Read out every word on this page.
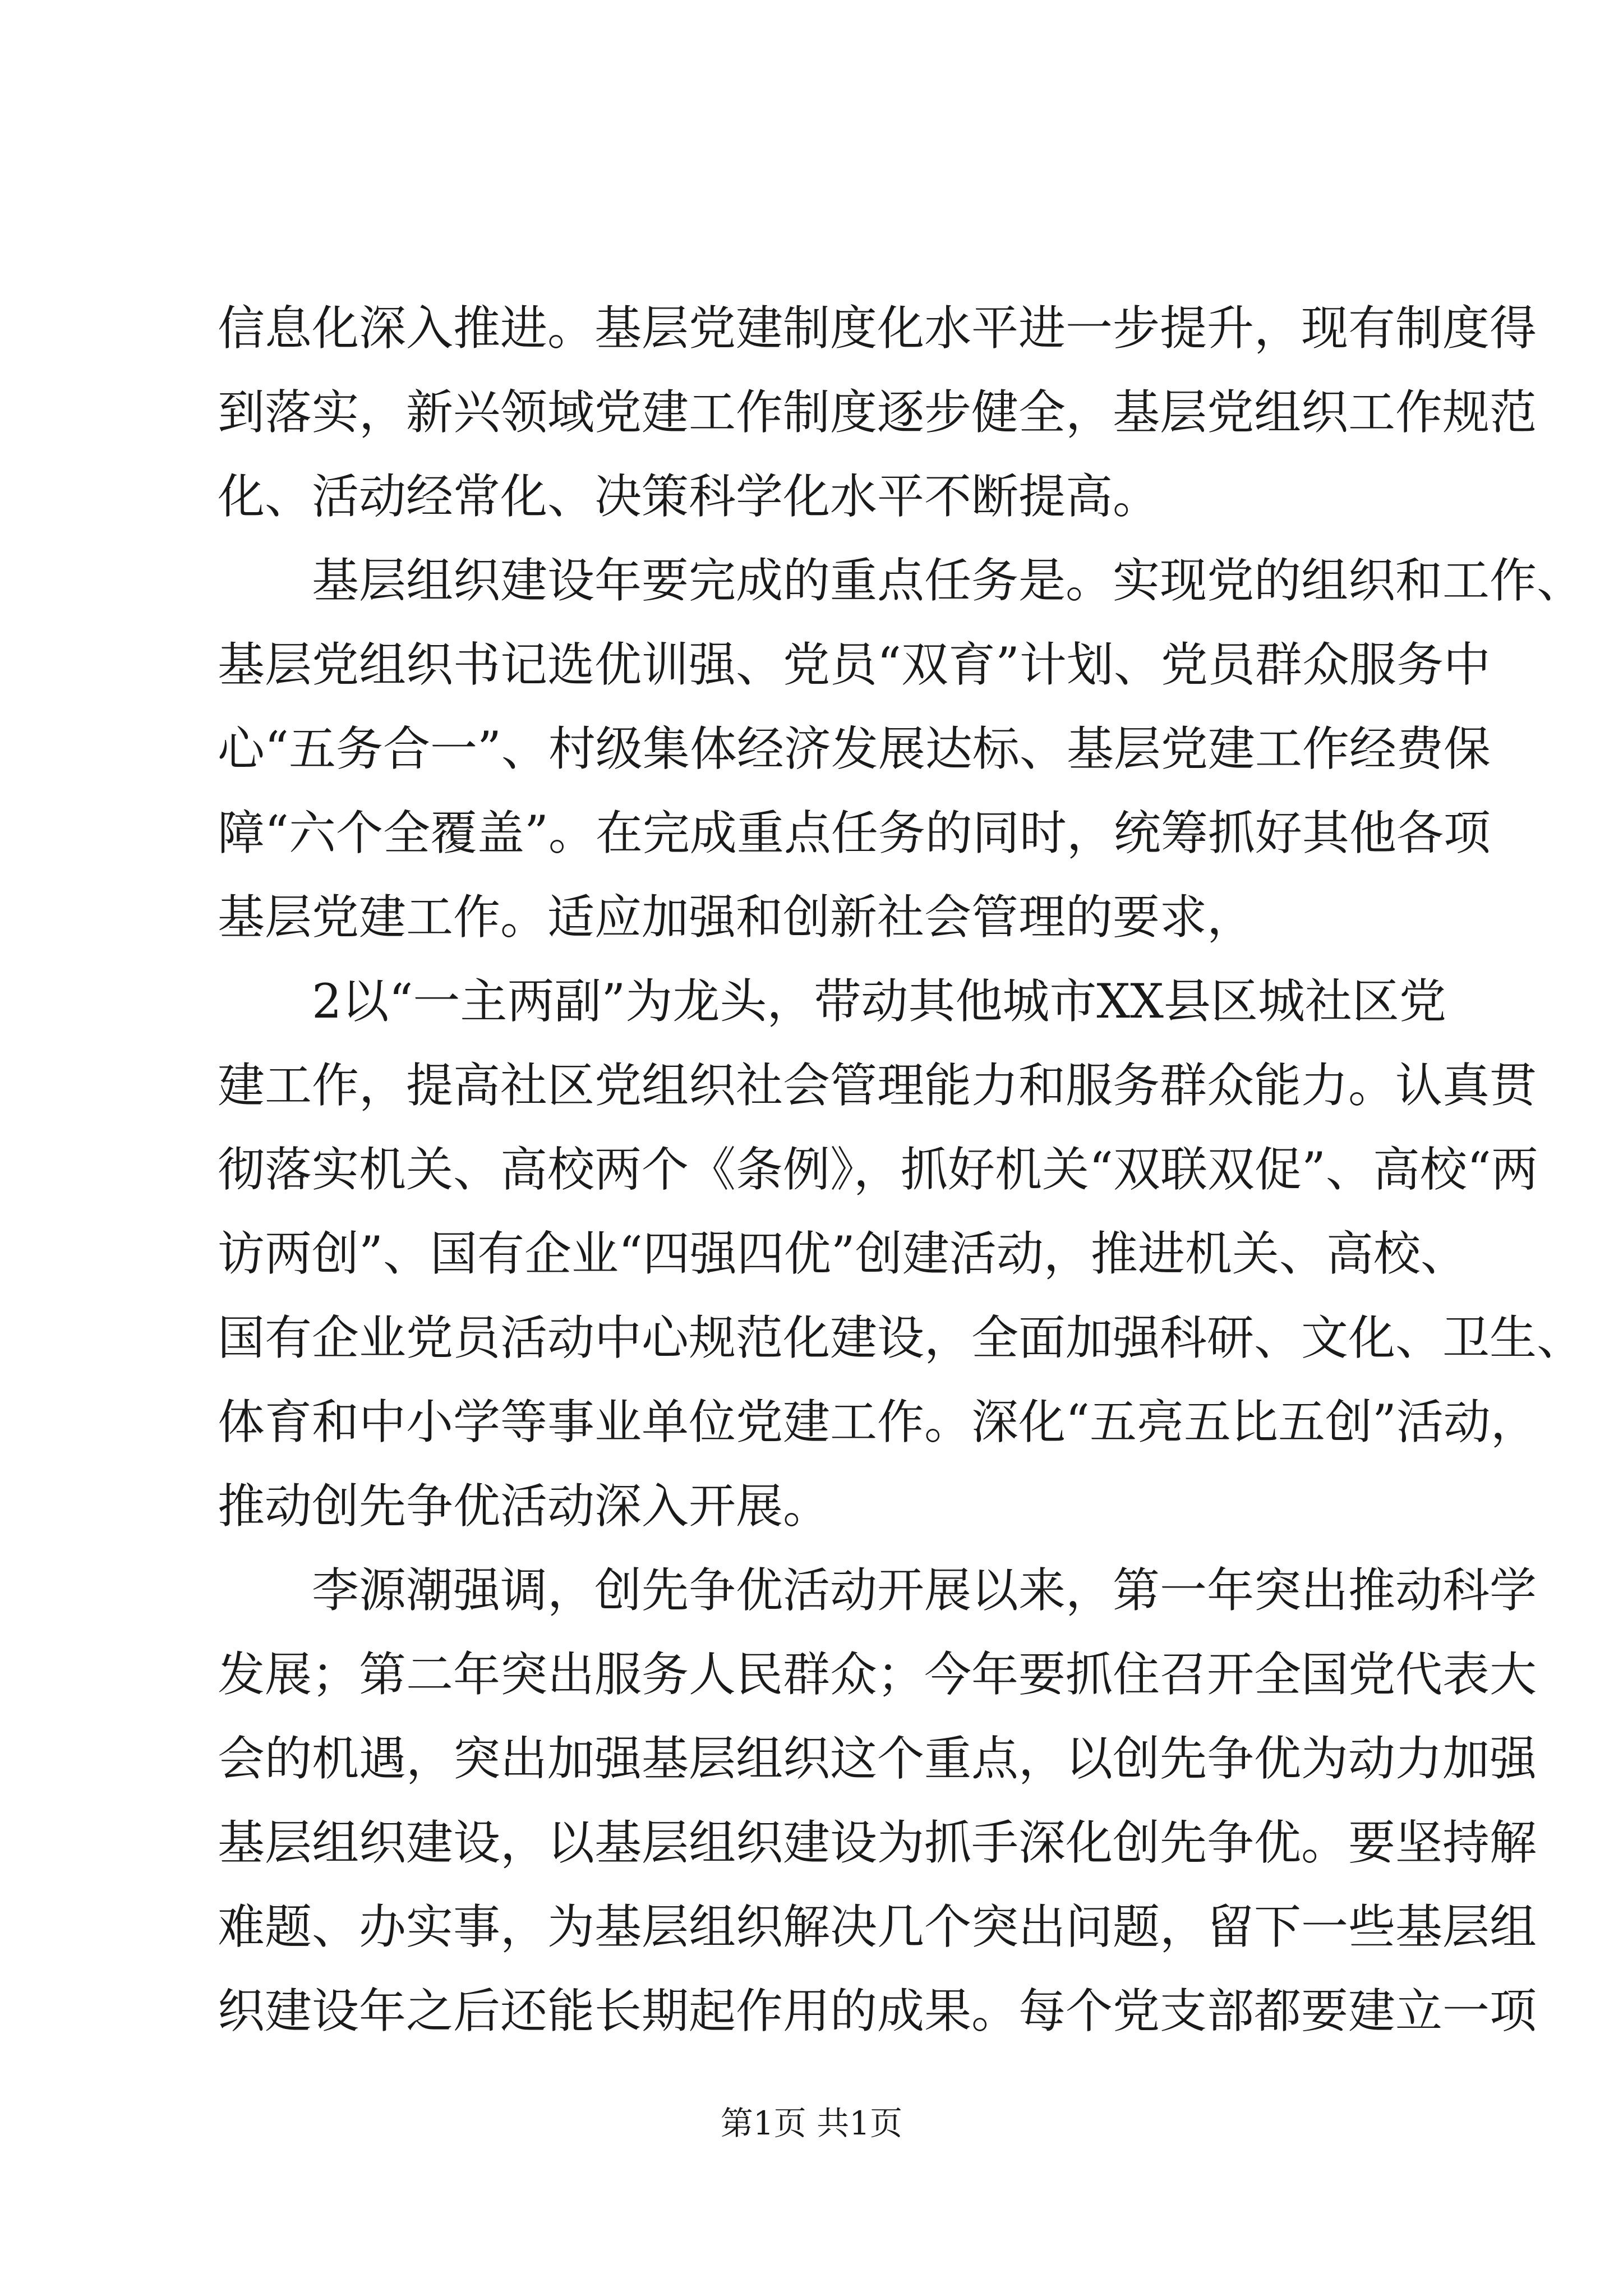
信息化深入推进。基层党建制度化水平进一步提升，现有制度得
到落实，新兴领域党建工作制度逐步健全，基层党组织工作规范
化、活动经常化、决策科学化水平不断提高。
　　基层组织建设年要完成的重点任务是。实现党的组织和工作、
基层党组织书记选优训强、党员“双育”计划、党员群众服务中
心“五务合一”、村级集体经济发展达标、基层党建工作经费保
障“六个全覆盖”。在完成重点任务的同时，统筹抓好其他各项
基层党建工作。适应加强和创新社会管理的要求，
　　2以“一主两副”为龙头，带动其他城市XX县区城社区党
建工作，提高社区党组织社会管理能力和服务群众能力。认真贯
彻落实机关、高校两个《条例》，抓好机关“双联双促”、高校“两
访两创”、国有企业“四强四优”创建活动，推进机关、高校、
国有企业党员活动中心规范化建设，全面加强科研、文化、卫生、
体育和中小学等事业单位党建工作。深化“五亮五比五创”活动，
推动创先争优活动深入开展。
　　李源潮强调，创先争优活动开展以来，第一年突出推动科学
发展；第二年突出服务人民群众；今年要抓住召开全国党代表大
会的机遇，突出加强基层组织这个重点，以创先争优为动力加强
基层组织建设，以基层组织建设为抓手深化创先争优。要坚持解
难题、办实事，为基层组织解决几个突出问题，留下一些基层组
织建设年之后还能长期起作用的成果。每个党支部都要建立一项
第1页 共1页
